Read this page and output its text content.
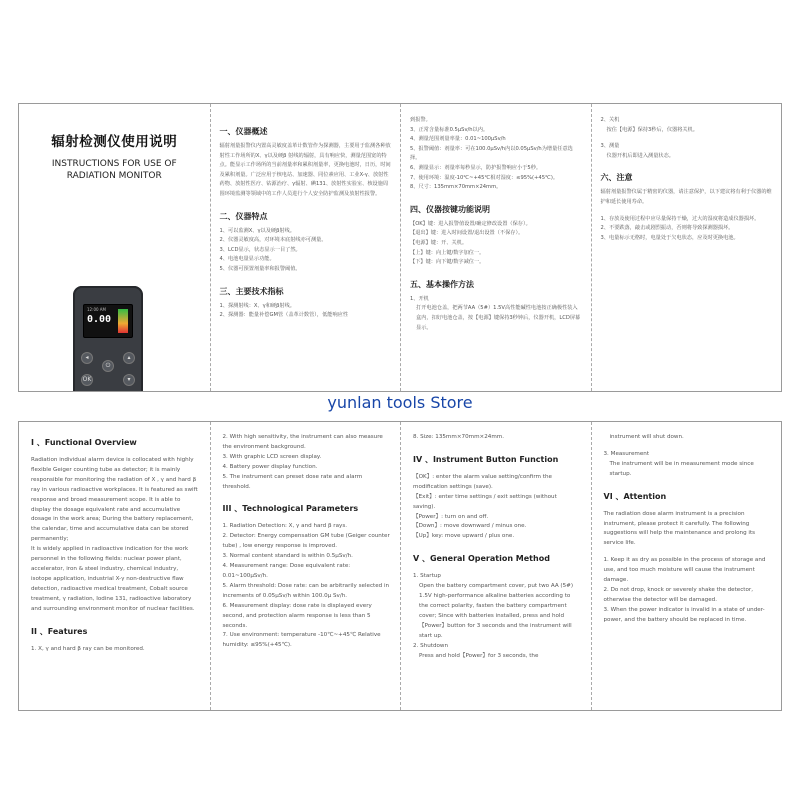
辐射检测仪使用说明
INSTRUCTIONS FOR USE OF
RADIATION MONITOR
12:00 AM
0.00
◂
⏻
▴
OK	▾
一、仪器概述
辐射剂量报警仪内置高灵敏度盖革计数管作为探测器，主要用于监测各种放射性工作场所的X、γ以及硬β 射线的辐射，具有响应快，测量范围宽的特点。能显示工作场所的当前剂量率和累积剂量率，更换电池时，日历，时间及累积剂量。广泛应用于核电站、加速器、同位素应用、工业X-γ、放射性药物、放射性医疗、钴源治疗、γ辐射、碘131、放射性实验室、核设施周围环境监测等领域中的工作人员进行个人安全防护监测及放射性报警。
二、仪器特点
1、可以监测X、γ以及硬β射线。
2、仪器灵敏度高，对环境本底射线亦可测量。
3、LCD显示，状态显示一目了然。
4、电池电量显示功能。
5、仪器可预置剂量率和报警阈值。
三、主要技术指标
1、探测射线：X、γ和硬β射线。
2、探测器：能量补偿GM管（盖革计数管），低能响应性
到报警。
3、正常含量标准0.5μSv/h以内。
4、测量范围剂量率量：0.01~100μSv/h
5、报警阈值：剂量率：可在100.0μSv/h内以0.05μSv/h为增量任意选择。
6、测量显示：剂量率每秒显示，防护报警响应小于5秒。
7、使用环境：温度-10℃~+45℃相对湿度：≤95%(+45℃)。
8、尺寸：135mm×70mm×24mm。
四、仪器按键功能说明
【OK】键：进入报警值设置/确定修改设置（保存）。
【退出】键：进入时间设置/退出设置（不保存）。
【电源】键：开、关机。
【上】键：向上键/数字加位一。
【下】键：向下键/数字减位一。
五、基本操作方法
1、开机
打开电池仓盖，把两节AA（5#）1.5V高性能碱性电池按正确极性装入盒内，扣好电池仓盖，按【电源】键保持3秒钟后，仪器开机，LCD屏幕显示。
2、关机
按住【电源】保持3秒后，仪器将关机。
3、测量
仪器开机后即进入测量状态。
六、注意
辐射剂量报警仪属于精密的仪器，请注意保护，以下建议将有利于仪器的维护和延长使用寿命。
1、存放及使用过程中应尽量保持干燥，过大的湿度将造成仪器损坏。
2、不要跌落，敲击或剧烈振动，否则将导致探测器损坏。
3、电量标示无格时，电量处于欠电状态，应及时更换电池。
yunlan tools Store
I 、Functional Overview
Radiation individual alarm device is collocated with highly flexible Geiger counting tube as detector; it is mainly responsible for monitoring the radiation of X , γ and hard β ray in various radioactive workplaces. It is featured as swift response and broad measurement scope. It is able to display the dosage equivalent rate and accumulative dosage in the work area; During the battery replacement, the calendar, time and accumulative data can be stored permanently;
It is widely applied in radioactive indication for the work personnel in the following fields: nuclear power plant, accelerator, iron & steel industry, chemical industry, isotope application, industrial X-γ non-destructive flaw detection, radioactive medical treatment, Cobalt source treatment, γ radiation, Iodine 131, radioactive laboratory and surrounding environment monitor of nuclear facilities.
II 、Features
1. X, γ and hard β ray can be monitored.
2. With high sensitivity, the instrument can also measure the environment background.
3. With graphic LCD screen display.
4. Battery power display function.
5. The instrument can preset dose rate and alarm threshold.
III 、Technological Parameters
1. Radiation Detection: X, γ and hard β rays.
2. Detector: Energy compensation GM tube (Geiger counter tube) , low energy response is improved.
3. Normal content standard is within 0.5μSv/h.
4. Measurement range: Dose equivalent rate: 0.01~100μSv/h.
5. Alarm threshold: Dose rate: can be arbitrarily selected in increments of 0.05μSv/h within 100.0μ Sv/h.
6. Measurement display: dose rate is displayed every second, and protection alarm response is less than 5 seconds.
7. Use environment: temperature -10℃~+45℃ Relative humidity: ≤95%(+45℃).
8. Size: 135mm×70mm×24mm.
IV 、Instrument Button Function
【OK】: enter the alarm value setting/confirm the modification settings (save).
【Exit】: enter time settings / exit settings (without saving).
【Power】: turn on and off.
【Down】: move downward / minus one.
【Up】key: move upward / plus one.
V 、General Operation Method
1. Startup
Open the battery compartment cover, put two AA (5#) 1.5V high-performance alkaline batteries according to the correct polarity, fasten the battery compartment cover; Since with batteries installed, press and hold【Power】button for 3 seconds and the instrument will start up.
2. Shutdown
Press and hold【Power】for 3 seconds, the
instrument will shut down.
3. Measurement
The instrument will be in measurement mode since startup.
VI 、Attention
The radiation dose alarm instrument is a precision instrument, please protect it carefully. The following suggestions will help the maintenance and prolong its service life.
1. Keep it as dry as possible in the process of storage and use, and too much moisture will cause the instrument damage.
2. Do not drop, knock or severely shake the detector, otherwise the detector will be damaged.
3. When the power indicator is invalid in a state of under-power, and the battery should be replaced in time.
